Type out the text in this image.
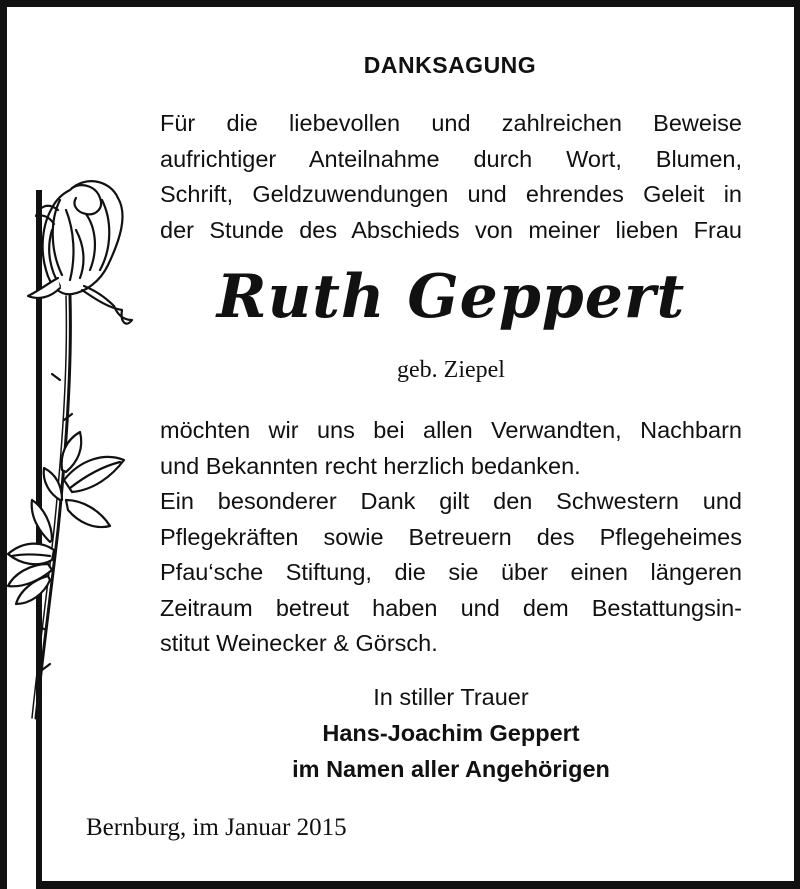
DANKSAGUNG
Für die liebevollen und zahlreichen Beweise
aufrichtiger Anteilnahme durch Wort, Blumen,
Schrift, Geldzuwendungen und ehrendes Geleit in
der Stunde des Abschieds von meiner lieben Frau
Ruth Geppert
geb. Ziepel
möchten wir uns bei allen Verwandten, Nachbarn
und Bekannten recht herzlich bedanken.
Ein besonderer Dank gilt den Schwestern und
Pflegekräften sowie Betreuern des Pflegeheimes
Pfau‘sche Stiftung, die sie über einen längeren
Zeitraum betreut haben und dem Bestattungsin-
stitut Weinecker & Görsch.
In stiller Trauer
Hans-Joachim Geppert
im Namen aller Angehörigen
Bernburg, im Januar 2015
